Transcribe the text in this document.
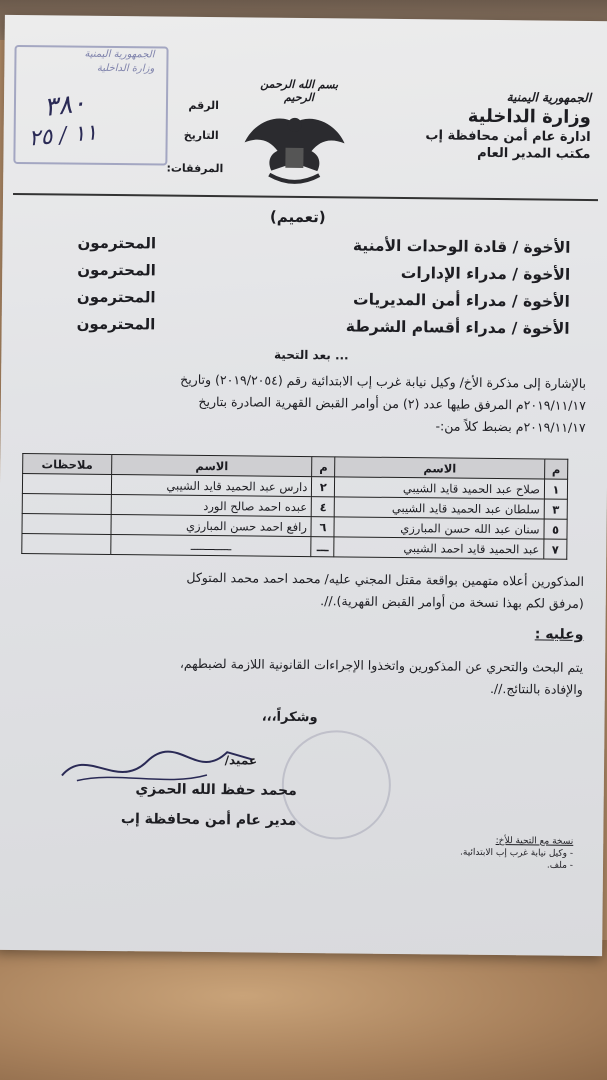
الجمهورية اليمنية
وزارة الداخلية
ادارة عام أمن محافظة إب
مكتب المدير العام
بسم الله الرحمن الرحيم
الجمهورية اليمنية
وزارة الداخلية
٣٨٠
١١ / ٢٥
الرقم
التاريخ
المرفقات:
(تعميم)
الأخوة / قادة الوحدات الأمنية
المحترمون
الأخوة / مدراء الإدارات
المحترمون
الأخوة / مدراء أمن المديريات
المحترمون
الأخوة / مدراء أقسام الشرطة
المحترمون
بعد التحية ...
بالإشارة إلى مذكرة الأخ/ وكيل نيابة غرب إب الابتدائية رقم (٢٠١٩/٢٠٥٤) وتاريخ
٢٠١٩/١١/١٧م المرفق طيها عدد (٢) من أوامر القبض القهرية الصادرة بتاريخ
٢٠١٩/١١/١٧م بضبط كلاً من:-
م	الاسم	م	الاسم	ملاحظات
١	صلاح عبد الحميد قايد الشيبي	٢	دارس عبد الحميد قايد الشيبي	
٣	سلطان عبد الحميد قايد الشيبي	٤	عبده احمد صالح الورد	
٥	سنان عبد الله حسن المبارزي	٦	رافع احمد حسن المبارزي	
٧	عبد الحميد قايد احمد الشيبي	ـــ	ــــــــــــ	
المذكورين أعلاه متهمين بواقعة مقتل المجني عليه/ محمد احمد محمد المتوكل
(مرفق لكم بهذا نسخة من أوامر القبض القهرية).//.
وعليه :
يتم البحث والتحري عن المذكورين واتخذوا الإجراءات القانونية اللازمة لضبطهم،
والإفادة بالنتائج.//.
وشكراً،،،
عميد/
محمد حفظ الله الحمزي
مدير عام أمن محافظة إب
نسخة مع التحية للأخ:
- وكيل نيابة غرب إب الابتدائية.
- ملف.
